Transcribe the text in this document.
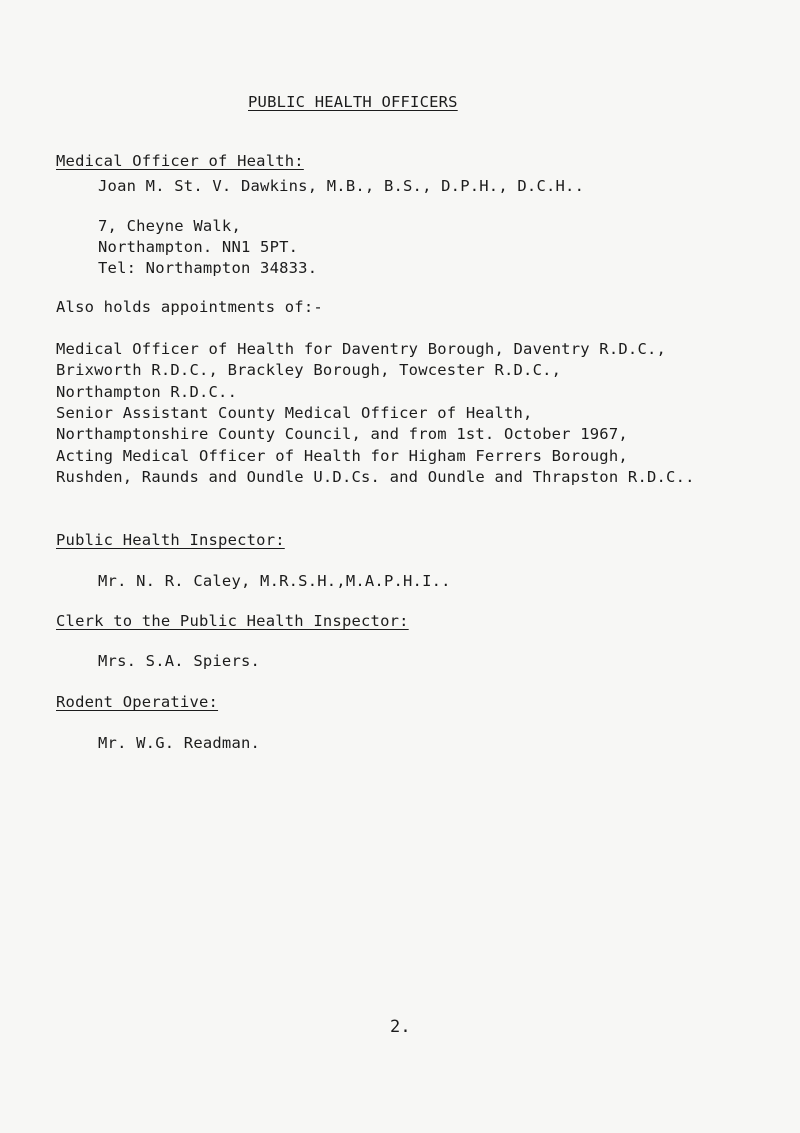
PUBLIC HEALTH OFFICERS
Medical Officer of Health:
Joan M. St. V. Dawkins, M.B., B.S., D.P.H., D.C.H..
7, Cheyne Walk,
Northampton. NN1 5PT.
Tel: Northampton 34833.
Also holds appointments of:-
Medical Officer of Health for Daventry Borough, Daventry R.D.C.,
Brixworth R.D.C., Brackley Borough, Towcester R.D.C.,
Northampton R.D.C..
Senior Assistant County Medical Officer of Health,
Northamptonshire County Council, and from 1st. October 1967,
Acting Medical Officer of Health for Higham Ferrers Borough,
Rushden, Raunds and Oundle U.D.Cs. and Oundle and Thrapston R.D.C..
Public Health Inspector:
Mr. N. R. Caley, M.R.S.H.,M.A.P.H.I..
Clerk to the Public Health Inspector:
Mrs. S.A. Spiers.
Rodent Operative:
Mr. W.G. Readman.
2.
